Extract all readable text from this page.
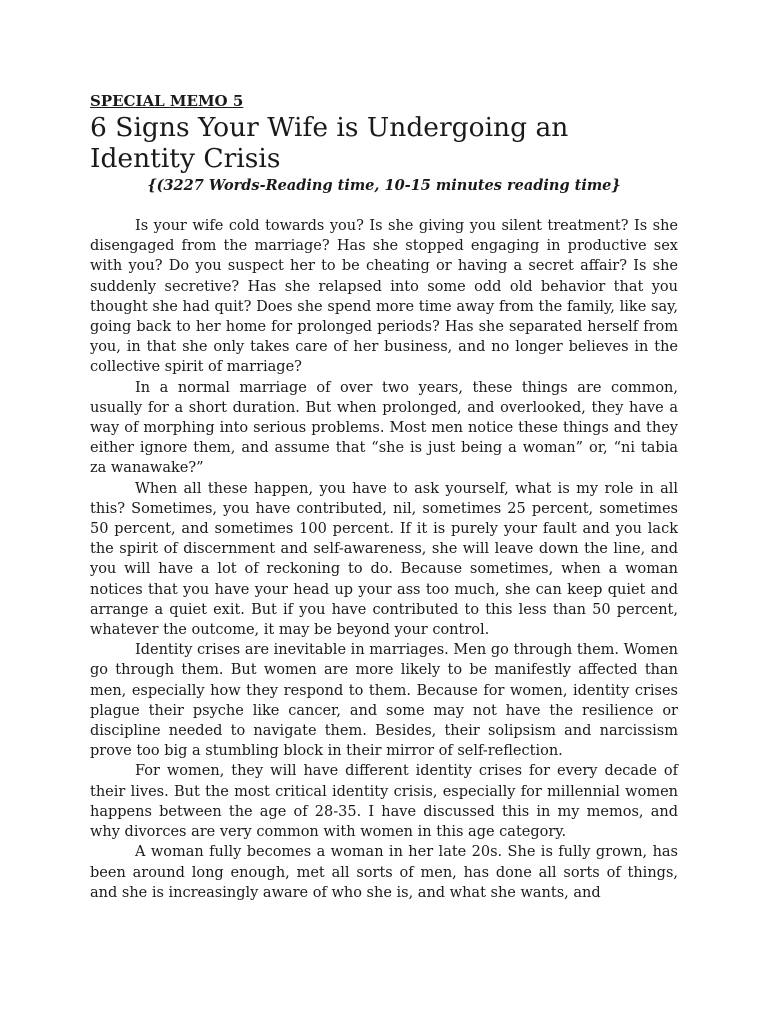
SPECIAL MEMO 5
6 Signs Your Wife is Undergoing an Identity Crisis
{(3227 Words-Reading time, 10-15 minutes reading time}

Is your wife cold towards you? Is she giving you silent treatment? Is she disengaged from the marriage? Has she stopped engaging in productive sex with you? Do you suspect her to be cheating or having a secret affair? Is she suddenly secretive? Has she relapsed into some odd old behavior that you thought she had quit? Does she spend more time away from the family, like say, going back to her home for prolonged periods? Has she separated herself from you, in that she only takes care of her business, and no longer believes in the collective spirit of marriage?

In a normal marriage of over two years, these things are common, usually for a short duration. But when prolonged, and overlooked, they have a way of morphing into serious problems. Most men notice these things and they either ignore them, and assume that “she is just being a woman” or, “ni tabia za wanawake?”

When all these happen, you have to ask yourself, what is my role in all this? Sometimes, you have contributed, nil, sometimes 25 percent, sometimes 50 percent, and sometimes 100 percent. If it is purely your fault and you lack the spirit of discernment and self-awareness, she will leave down the line, and you will have a lot of reckoning to do. Because sometimes, when a woman notices that you have your head up your ass too much, she can keep quiet and arrange a quiet exit. But if you have contributed to this less than 50 percent, whatever the outcome, it may be beyond your control.

Identity crises are inevitable in marriages. Men go through them. Women go through them. But women are more likely to be manifestly affected than men, especially how they respond to them. Because for women, identity crises plague their psyche like cancer, and some may not have the resilience or discipline needed to navigate them. Besides, their solipsism and narcissism prove too big a stumbling block in their mirror of self-reflection.

For women, they will have different identity crises for every decade of their lives. But the most critical identity crisis, especially for millennial women happens between the age of 28-35. I have discussed this in my memos, and why divorces are very common with women in this age category.

A woman fully becomes a woman in her late 20s. She is fully grown, has been around long enough, met all sorts of men, has done all sorts of things, and she is increasingly aware of who she is, and what she wants, and
